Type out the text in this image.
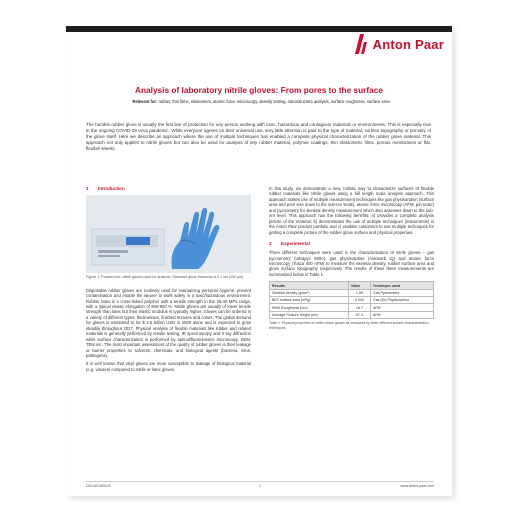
Anton Paar
Analysis of laboratory nitrile gloves: From pores to the surface
Relevant for: rubber, thin films, elastomers, atomic force microscopy, density testing, nanostructure analysis, surface roughness, surface area
The humble rubber glove is usually the first line of protection for any person working with toxic, hazardous and contagious materials or environments. This is especially true in the ongoing COVID-19 virus pandemic. While everyone agrees on their universal use, very little attention is paid to the type of material, surface topography or porosity of the glove itself. Here we describe an approach where the use of multiple techniques has enabled a complete physical characterization of the rubber glove material. This approach not only applies to nitrile gloves but can also be used for analysis of any rubber material, polymer coatings, thin elastomeric films, porous membranes or flat, flexible sheets.
1 Introduction
Figure 1: Powder free, nitrile gloves used for analysis. Standard glove thickness is 0.1 mil (152 µm).

Disposable rubber gloves are routinely used for maintaining personal hygiene, prevent contamination and enable the wearer to work safely in a toxic/hazardous environment. Rubber latex is a cross-linked polymer with a tensile strength in the 25-40 MPa range, with a typical elastic elongation of 800-900 %. Nitrile gloves are usually of lower tensile strength than latex but their elastic modulus is typically higher. Gloves can be ordered in a variety of different types, thicknesses, finished textures and colors. The global demand for gloves is estimated to be $ 2.5 billion USD in 2020 alone and is expected to grow steadily throughout 2027. Physical analysis of flexible materials like rubber and related materials is generally performed by tensile testing, IR spectroscopy and X-ray diffraction while surface characterization is performed by optical/fluorescence microscopy, SEM, TEM etc. The most important assessment of the quality of rubber gloves is their leakage or barrier properties to solvents, chemicals, and biological agents (bacteria, virus, pathogens).

It is well known that vinyl gloves are more susceptible to leakage of biological material (e.g. viruses) compared to nitrile or latex gloves.

In this study, we demonstrate a new, holistic way to characterize surfaces of flexible rubber materials like nitrile gloves using a full length scale analysis approach. This approach makes use of multiple measurement techniques like gas physisorption (surface area and pore size down to the sub-nm scale), atomic force microscopy (AFM, pin-scale) and pycnometry for skeletal density measurement which also assesses down to the sub-nm level. This approach has the following benefits: a) provides a complete analysis picture of the material; b) demonstrates the use of multiple techniques (instruments) in the Anton Paar product portfolio and c) enables customers to use multiple techniques for getting a complete picture of the rubber glove surface and physical properties.

2 Experimental

Three different techniques were used in the characterization of nitrile gloves – gas pycnometry (Ultrapyc 5000), gas physisorption (Autosorb iQ) and atomic force microscopy (Tosca 400 AFM) to measure the skeletal density, rubber surface area and glove surface topography respectively. The results of these three measurements are summarized below in Table 1.

Results	Value	Technique used
Skeletal density (g/cm³)	1.06	Gas Pycnometry
BET surface area (m²/g)	0.030	Gas (Kr) Physisorption
RMS Roughness (nm)	18.7	AFM
Average Feature Height (nm)	57.3	AFM
Table 1: Physical properties of nitrile rubber gloves as measured by three different surface characterization techniques.
D51IA016EN-B	1	www.anton-paar.com
